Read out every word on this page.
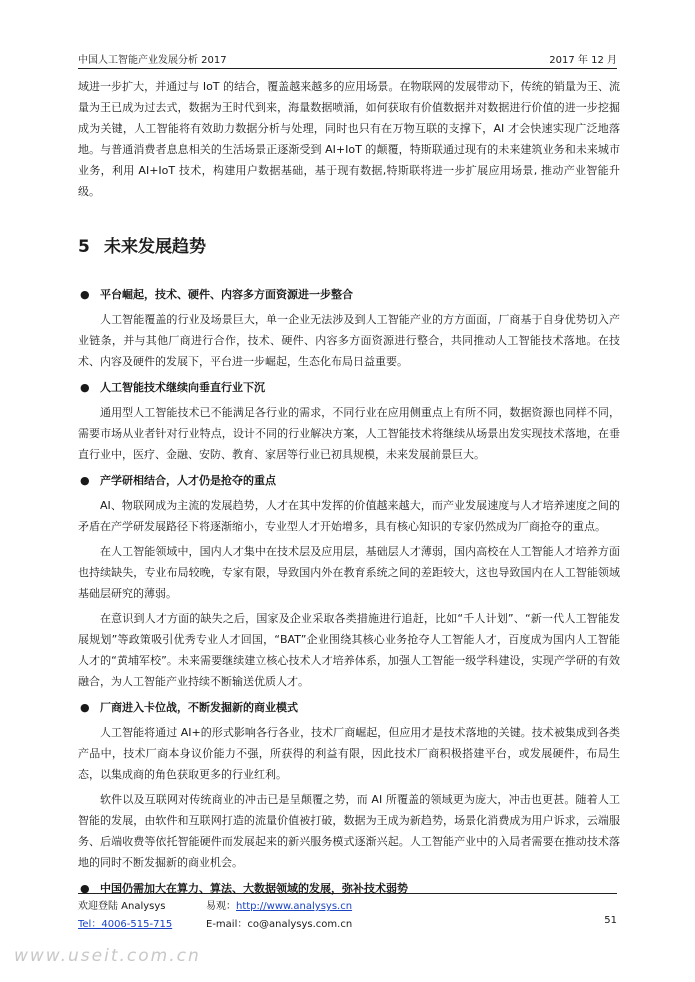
中国人工智能产业发展分析 2017	2017 年 12 月

域进一步扩大，并通过与 IoT 的结合，覆盖越来越多的应用场景。在物联网的发展带动下，传统的销量为王、流量为王已成为过去式，数据为王时代到来，海量数据喷涌，如何获取有价值数据并对数据进行价值的进一步挖掘成为关键，人工智能将有效助力数据分析与处理，同时也只有在万物互联的支撑下，AI 才会快速实现广泛地落地。与普通消费者息息相关的生活场景正逐渐受到 AI+IoT 的颠覆，特斯联通过现有的未来建筑业务和未来城市业务，利用 AI+IoT 技术，构建用户数据基础，基于现有数据,特斯联将进一步扩展应用场景, 推动产业智能升级。

5 未来发展趋势
● 平台崛起，技术、硬件、内容多方面资源进一步整合

人工智能覆盖的行业及场景巨大，单一企业无法涉及到人工智能产业的方方面面，厂商基于自身优势切入产业链条，并与其他厂商进行合作，技术、硬件、内容多方面资源进行整合，共同推动人工智能技术落地。在技术、内容及硬件的发展下，平台进一步崛起，生态化布局日益重要。

● 人工智能技术继续向垂直行业下沉

通用型人工智能技术已不能满足各行业的需求，不同行业在应用侧重点上有所不同，数据资源也同样不同，需要市场从业者针对行业特点，设计不同的行业解决方案，人工智能技术将继续从场景出发实现技术落地，在垂直行业中，医疗、金融、安防、教育、家居等行业已初具规模，未来发展前景巨大。

● 产学研相结合，人才仍是抢夺的重点

AI、物联网成为主流的发展趋势，人才在其中发挥的价值越来越大，而产业发展速度与人才培养速度之间的矛盾在产学研发展路径下将逐渐缩小，专业型人才开始增多，具有核心知识的专家仍然成为厂商抢夺的重点。

在人工智能领域中，国内人才集中在技术层及应用层，基础层人才薄弱，国内高校在人工智能人才培养方面也持续缺失，专业布局较晚，专家有限，导致国内外在教育系统之间的差距较大，这也导致国内在人工智能领域基础层研究的薄弱。

在意识到人才方面的缺失之后，国家及企业采取各类措施进行追赶，比如“千人计划”、“新一代人工智能发展规划”等政策吸引优秀专业人才回国，“BAT”企业围绕其核心业务抢夺人工智能人才，百度成为国内人工智能人才的“黄埔军校”。未来需要继续建立核心技术人才培养体系，加强人工智能一级学科建设，实现产学研的有效融合，为人工智能产业持续不断输送优质人才。

● 厂商进入卡位战，不断发掘新的商业模式

人工智能将通过 AI+的形式影响各行各业，技术厂商崛起，但应用才是技术落地的关键。技术被集成到各类产品中，技术厂商本身议价能力不强，所获得的利益有限，因此技术厂商积极搭建平台，或发展硬件，布局生态，以集成商的角色获取更多的行业红利。

软件以及互联网对传统商业的冲击已是呈颠覆之势，而 AI 所覆盖的领域更为庞大，冲击也更甚。随着人工智能的发展，由软件和互联网打造的流量价值被打破，数据为王成为新趋势，场景化消费成为用户诉求，云端服务、后端收费等依托智能硬件而发展起来的新兴服务模式逐渐兴起。人工智能产业中的入局者需要在推动技术落地的同时不断发掘新的商业机会。

● 中国仍需加大在算力、算法、大数据领域的发展，弥补技术弱势
欢迎登陆 Analysys	易观：http://www.analysys.cn
Tel：4006-515-715	E-mail：co@analysys.com.cn	51
www.useit.com.cn
